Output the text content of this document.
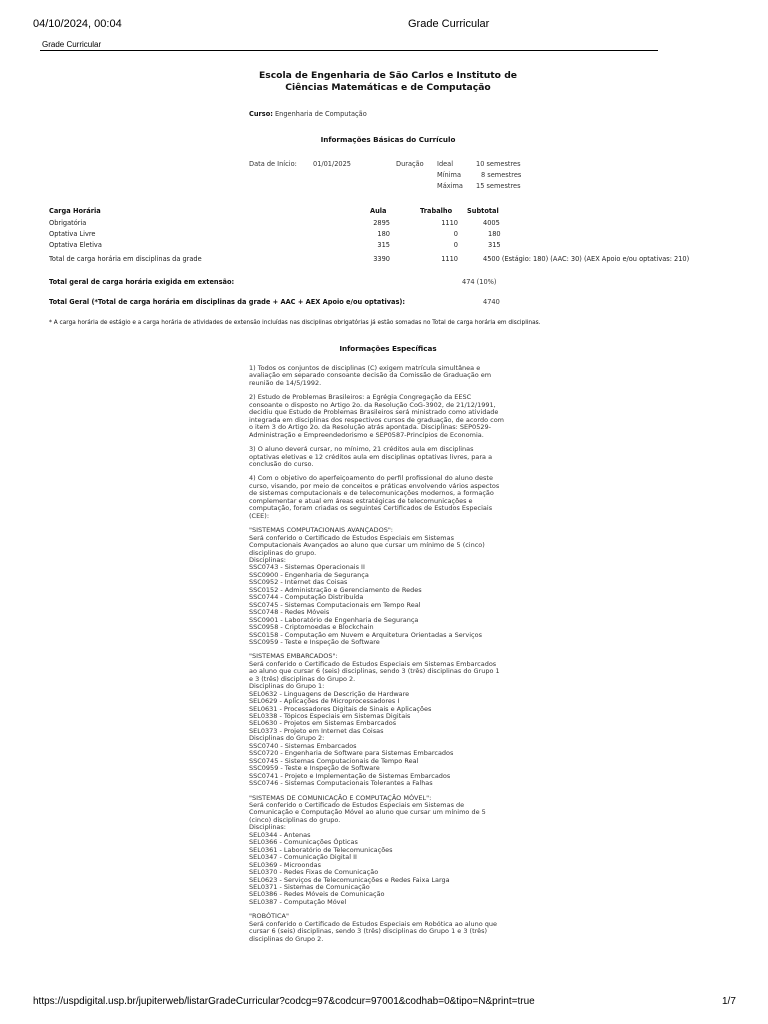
04/10/2024, 00:04	Grade Curricular
Grade Curricular
Escola de Engenharia de São Carlos e Instituto de
Ciências Matemáticas e de Computação
Curso: Engenharia de Computação
Informações Básicas do Currículo
Data de Início: 01/01/2025	Duração Ideal	10 semestres
Mínima	8 semestres
Máxima 15 semestres
Carga Horária	Aula	Trabalho Subtotal
Obrigatória	2895	1110	4005
Optativa Livre	180	0	180
Optativa Eletiva	315	0	315
Total de carga horária em disciplinas da grade	3390	1110	4500 (Estágio: 180) (AAC: 30) (AEX Apoio e/ou optativas: 210)
Total geral de carga horária exigida em extensão:	474 (10%)
Total Geral (*Total de carga horária em disciplinas da grade + AAC + AEX Apoio e/ou optativas):	4740
* A carga horária de estágio e a carga horária de atividades de extensão incluídas nas disciplinas obrigatórias já estão somadas no Total de carga horária em disciplinas.
Informações Específicas

1) Todos os conjuntos de disciplinas (C) exigem matrícula simultânea e
avaliação em separado consoante decisão da Comissão de Graduação em
reunião de 14/5/1992.

2) Estudo de Problemas Brasileiros: a Egrégia Congregação da EESC
consoante o disposto no Artigo 2o. da Resolução CoG-3902, de 21/12/1991,
decidiu que Estudo de Problemas Brasileiros será ministrado como atividade
integrada em disciplinas dos respectivos cursos de graduação, de acordo com
o item 3 do Artigo 2o. da Resolução atrás apontada. Disciplinas: SEP0529-
Administração e Empreendedorismo e SEP0587-Princípios de Economia.

3) O aluno deverá cursar, no mínimo, 21 créditos aula em disciplinas
optativas eletivas e 12 créditos aula em disciplinas optativas livres, para a
conclusão do curso.

4) Com o objetivo do aperfeiçoamento do perfil profissional do aluno deste
curso, visando, por meio de conceitos e práticas envolvendo vários aspectos
de sistemas computacionais e de telecomunicações modernos, a formação
complementar e atual em áreas estratégicas de telecomunicações e
computação, foram criadas os seguintes Certificados de Estudos Especiais
(CEE):

"SISTEMAS COMPUTACIONAIS AVANÇADOS":
Será conferido o Certificado de Estudos Especiais em Sistemas
Computacionais Avançados ao aluno que cursar um mínimo de 5 (cinco)
disciplinas do grupo.
Disciplinas:
SSC0743 - Sistemas Operacionais II
SSC0900 - Engenharia de Segurança
SSC0952 - Internet das Coisas
SSC0152 - Administração e Gerenciamento de Redes
SSC0744 - Computação Distribuída
SSC0745 - Sistemas Computacionais em Tempo Real
SSC0748 - Redes Móveis
SSC0901 - Laboratório de Engenharia de Segurança
SSC0958 - Criptomoedas e Blockchain
SSC0158 - Computação em Nuvem e Arquitetura Orientadas a Serviços
SSC0959 - Teste e Inspeção de Software

"SISTEMAS EMBARCADOS":
Será conferido o Certificado de Estudos Especiais em Sistemas Embarcados
ao aluno que cursar 6 (seis) disciplinas, sendo 3 (três) disciplinas do Grupo 1
e 3 (três) disciplinas do Grupo 2.
Disciplinas do Grupo 1:
SEL0632 - Linguagens de Descrição de Hardware
SEL0629 - Aplicações de Microprocessadores I
SEL0631 - Processadores Digitais de Sinais e Aplicações
SEL0338 - Tópicos Especiais em Sistemas Digitais
SEL0630 - Projetos em Sistemas Embarcados
SEL0373 - Projeto em Internet das Coisas
Disciplinas do Grupo 2:
SSC0740 - Sistemas Embarcados
SSC0720 - Engenharia de Software para Sistemas Embarcados
SSC0745 - Sistemas Computacionais de Tempo Real
SSC0959 - Teste e Inspeção de Software
SSC0741 - Projeto e Implementação de Sistemas Embarcados
SSC0746 - Sistemas Computacionais Tolerantes a Falhas

"SISTEMAS DE COMUNICAÇÃO E COMPUTAÇÃO MÓVEL":
Será conferido o Certificado de Estudos Especiais em Sistemas de
Comunicação e Computação Móvel ao aluno que cursar um mínimo de 5
(cinco) disciplinas do grupo.
Disciplinas:
SEL0344 - Antenas
SEL0366 - Comunicações Ópticas
SEL0361 - Laboratório de Telecomunicações
SEL0347 - Comunicação Digital II
SEL0369 - Microondas
SEL0370 - Redes Fixas de Comunicação
SEL0623 - Serviços de Telecomunicações e Redes Faixa Larga
SEL0371 - Sistemas de Comunicação
SEL0386 - Redes Móveis de Comunicação
SEL0387 - Computação Móvel

"ROBÓTICA"
Será conferido o Certificado de Estudos Especiais em Robótica ao aluno que
cursar 6 (seis) disciplinas, sendo 3 (três) disciplinas do Grupo 1 e 3 (três)
disciplinas do Grupo 2.

https://uspdigital.usp.br/jupiterweb/listarGradeCurricular?codcg=97&codcur=97001&codhab=0&tipo=N&print=true	1/7
